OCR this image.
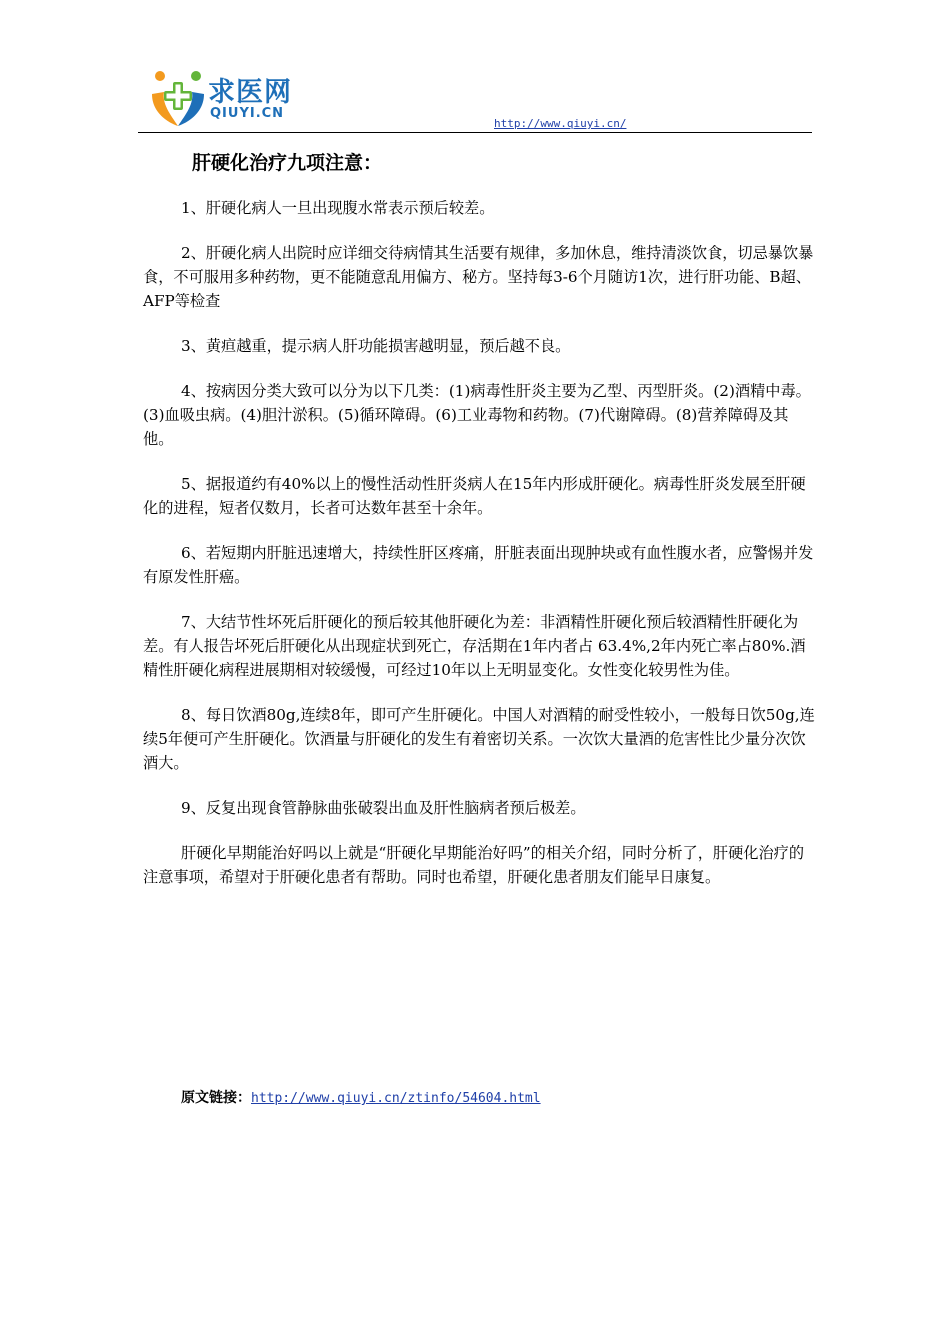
求医网
QIUYI.CN
http://www.qiuyi.cn/
肝硬化治疗九项注意：

1、肝硬化病人一旦出现腹水常表示预后较差。

2、肝硬化病人出院时应详细交待病情其生活要有规律，多加休息，维持清淡饮食，切忌暴饮暴食，不可服用多种药物，更不能随意乱用偏方、秘方。坚持每3-6个月随访1次，进行肝功能、B超、AFP等检查

3、黄疸越重，提示病人肝功能损害越明显，预后越不良。

4、按病因分类大致可以分为以下几类：(1)病毒性肝炎主要为乙型、丙型肝炎。(2)酒精中毒。(3)血吸虫病。(4)胆汁淤积。(5)循环障碍。(6)工业毒物和药物。(7)代谢障碍。(8)营养障碍及其他。

5、据报道约有40%以上的慢性活动性肝炎病人在15年内形成肝硬化。病毒性肝炎发展至肝硬化的进程，短者仅数月，长者可达数年甚至十余年。

6、若短期内肝脏迅速增大，持续性肝区疼痛，肝脏表面出现肿块或有血性腹水者，应警惕并发有原发性肝癌。

7、大结节性坏死后肝硬化的预后较其他肝硬化为差：非酒精性肝硬化预后较酒精性肝硬化为差。有人报告坏死后肝硬化从出现症状到死亡，存活期在1年内者占 63.4%,2年内死亡率占80%.酒精性肝硬化病程进展期相对较缓慢，可经过10年以上无明显变化。女性变化较男性为佳。

8、每日饮酒80g,连续8年，即可产生肝硬化。中国人对酒精的耐受性较小，一般每日饮50g,连续5年便可产生肝硬化。饮酒量与肝硬化的发生有着密切关系。一次饮大量酒的危害性比少量分次饮酒大。

9、反复出现食管静脉曲张破裂出血及肝性脑病者预后极差。

肝硬化早期能治好吗以上就是“肝硬化早期能治好吗”的相关介绍，同时分析了，肝硬化治疗的注意事项，希望对于肝硬化患者有帮助。同时也希望，肝硬化患者朋友们能早日康复。

原文链接：http://www.qiuyi.cn/ztinfo/54604.html
